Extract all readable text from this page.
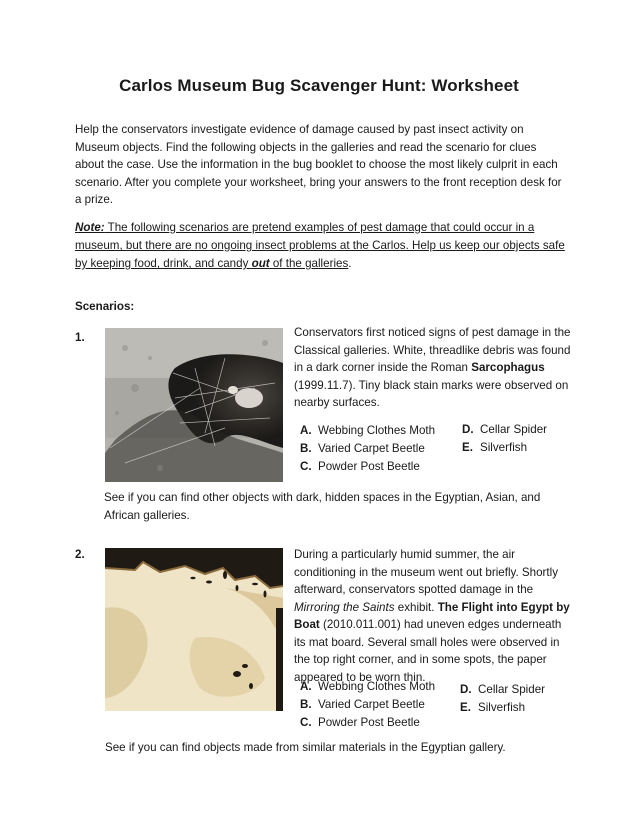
Carlos Museum Bug Scavenger Hunt: Worksheet
Help the conservators investigate evidence of damage caused by past insect activity on Museum objects. Find the following objects in the galleries and read the scenario for clues about the case. Use the information in the bug booklet to choose the most likely culprit in each scenario. After you complete your worksheet, bring your answers to the front reception desk for a prize.
Note: The following scenarios are pretend examples of pest damage that could occur in a museum, but there are no ongoing insect problems at the Carlos. Help us keep our objects safe by keeping food, drink, and candy out of the galleries.
Scenarios:
1.	Conservators first noticed signs of pest damage in the Classical galleries. White, threadlike debris was found in a dark corner inside the Roman Sarcophagus (1999.11.7). Tiny black stain marks were observed on nearby surfaces.
A. Webbing Clothes Moth
B. Varied Carpet Beetle
C. Powder Post Beetle
D. Cellar Spider
E. Silverfish
See if you can find other objects with dark, hidden spaces in the Egyptian, Asian, and African galleries.
2.	During a particularly humid summer, the air conditioning in the museum went out briefly. Shortly afterward, conservators spotted damage in the Mirroring the Saints exhibit. The Flight into Egypt by Boat (2010.011.001) had uneven edges underneath its mat board. Several small holes were observed in the top right corner, and in some spots, the paper appeared to be worn thin.
A. Webbing Clothes Moth
B. Varied Carpet Beetle
C. Powder Post Beetle
D. Cellar Spider
E. Silverfish
See if you can find objects made from similar materials in the Egyptian gallery.
